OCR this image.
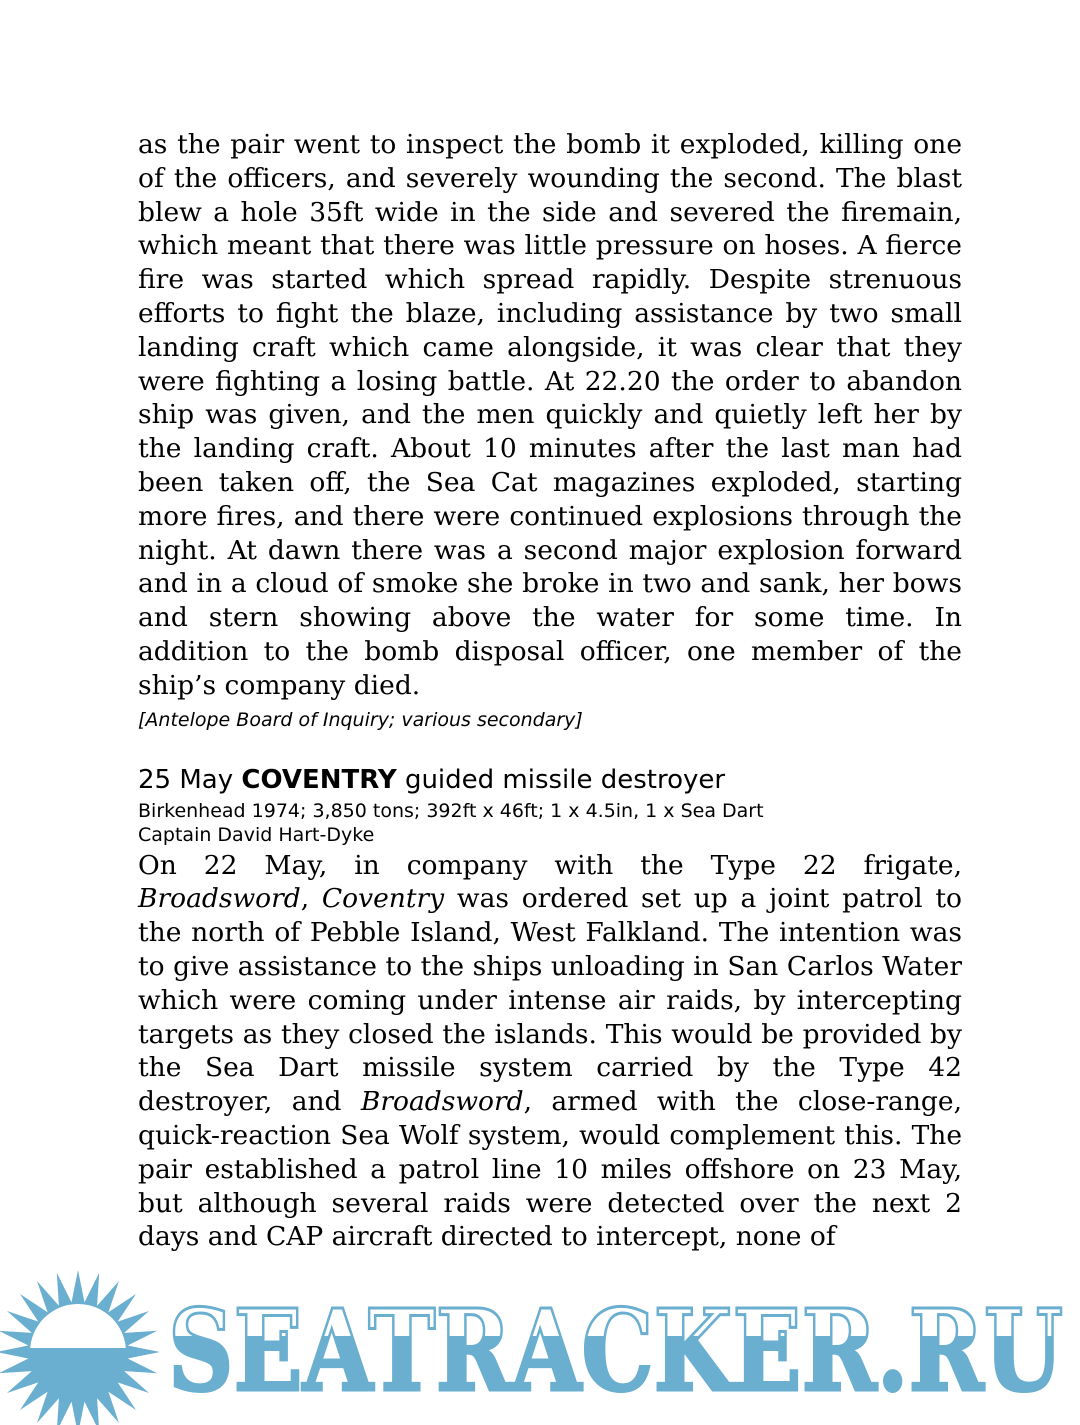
as the pair went to inspect the bomb it exploded, killing one of the officers, and severely wounding the second. The blast blew a hole 35ft wide in the side and severed the firemain, which meant that there was little pressure on hoses. A fierce fire was started which spread rapidly. Despite strenuous efforts to fight the blaze, including assistance by two small landing craft which came alongside, it was clear that they were fighting a losing battle. At 22.20 the order to abandon ship was given, and the men quickly and quietly left her by the landing craft. About 10 minutes after the last man had been taken off, the Sea Cat magazines exploded, starting more fires, and there were continued explosions through the night. At dawn there was a second major explosion forward and in a cloud of smoke she broke in two and sank, her bows and stern showing above the water for some time. In addition to the bomb disposal officer, one member of the ship’s company died.

[Antelope Board of Inquiry; various secondary]

25 May COVENTRY guided missile destroyer
Birkenhead 1974; 3,850 tons; 392ft x 46ft; 1 x 4.5in, 1 x Sea Dart Captain David Hart-Dyke

On 22 May, in company with the Type 22 frigate, Broadsword, Coventry was ordered set up a joint patrol to the north of Pebble Island, West Falkland. The intention was to give assistance to the ships unloading in San Carlos Water which were coming under intense air raids, by intercepting targets as they closed the islands. This would be provided by the Sea Dart missile system carried by the Type 42 destroyer, and Broadsword, armed with the close-range, quick-reaction Sea Wolf system, would complement this. The pair established a patrol line 10 miles offshore on 23 May, but although several raids were detected over the next 2 days and CAP aircraft directed to intercept, none of

SEATRACKER.RU
